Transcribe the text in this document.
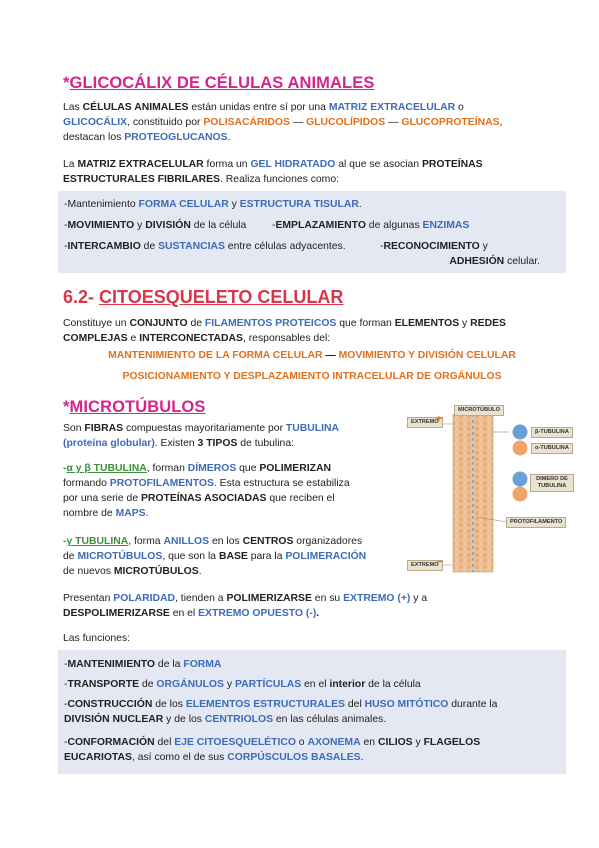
*GLICOCÁLIX DE CÉLULAS ANIMALES
Las CÉLULAS ANIMALES están unidas entre sí por una MATRIZ EXTRACELULAR o
GLICOCÁLIX, constituido por POLISACÁRIDOS — GLUCOLÍPIDOS — GLUCOPROTEÍNAS,
destacan los PROTEOGLUCANOS.
La MATRIZ EXTRACELULAR forma un GEL HIDRATADO al que se asocian PROTEÍNAS
ESTRUCTURALES FIBRILARES. Realiza funciones como:
-Mantenimiento FORMA CELULAR y ESTRUCTURA TISULAR.
-MOVIMIENTO y DIVISIÓN de la célula	-EMPLAZAMIENTO de algunas ENZIMAS
-INTERCAMBIO de SUSTANCIAS entre células adyacentes.	-RECONOCIMIENTO y
ADHESIÓN celular.
6.2- CITOESQUELETO CELULAR
Constituye un CONJUNTO de FILAMENTOS PROTEICOS que forman ELEMENTOS y REDES
COMPLEJAS e INTERCONECTADAS, responsables del:
MANTENIMIENTO DE LA FORMA CELULAR — MOVIMIENTO Y DIVISIÓN CELULAR
POSICIONAMIENTO Y DESPLAZAMIENTO INTRACELULAR DE ORGÁNULOS
*MICROTÚBULOS
Son FIBRAS compuestas mayoritariamente por TUBULINA
(proteína globular). Existen 3 TIPOS de tubulina:
-α y β TUBULINA, forman DÍMEROS que POLIMERIZAN
formando PROTOFILAMENTOS. Esta estructura se estabiliza
por una serie de PROTEÍNAS ASOCIADAS que reciben el
nombre de MAPS.
-γ TUBULINA, forma ANILLOS en los CENTROS organizadores
de MICROTÚBULOS, que son la BASE para la POLIMERACIÓN
de nuevos MICROTÚBULOS.
Presentan POLARIDAD, tienden a POLIMERIZARSE en su EXTREMO (+) y a
DESPOLIMERIZARSE en el EXTREMO OPUESTO (-).
Las funciones:
-MANTENIMIENTO de la FORMA
-TRANSPORTE de ORGÁNULOS y PARTÍCULAS en el interior de la célula
-CONSTRUCCIÓN de los ELEMENTOS ESTRUCTURALES del HUSO MITÓTICO durante la
DIVISIÓN NUCLEAR y de los CENTRIOLOS en las células animales.
-CONFORMACIÓN del EJE CITOESQUELÉTICO o AXONEMA en CILIOS y FLAGELOS
EUCARIOTAS, así como el de sus CORPÚSCULOS BASALES.
MICROTÚBULO
EXTREMO
+
EXTREMO
−
β-TUBULINA
α-TUBULINA
DIMERO DE TUBULINA
PROTOFILAMENTO
